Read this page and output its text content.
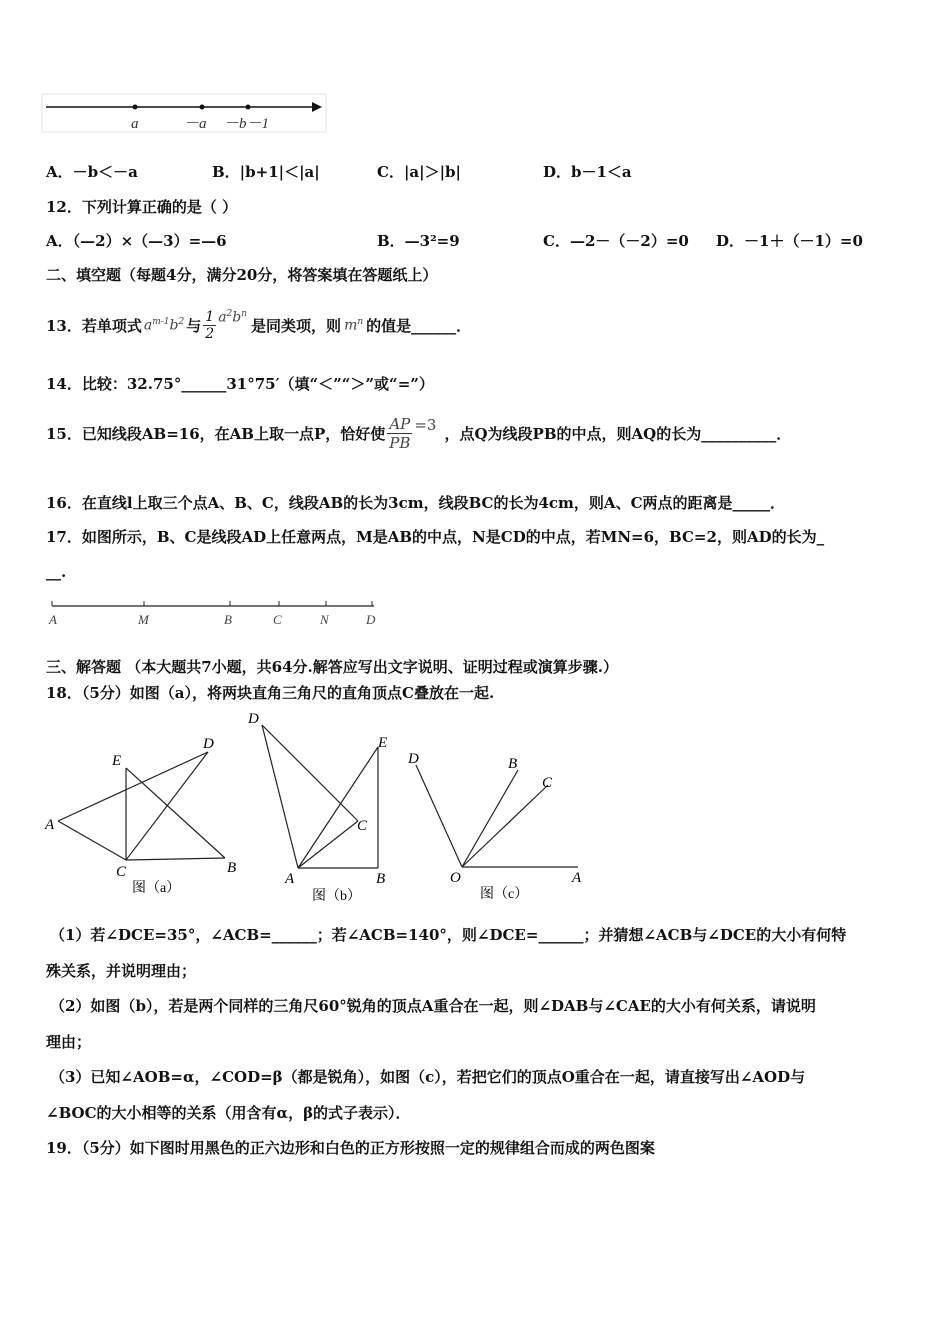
a	－a －b－1
A．－b＜－a	B．|b+1|＜|a|	C．|a|＞|b|	D．b－1＜a
12．下列计算正确的是（ ）
A．（—2）×（—3）=—6	B．—3²=9	C．—2－（－2）=0 D．－1＋（－1）=0
二、填空题（每题4分，满分20分，将答案填在答题纸上）
13．若单项式 $a^{m-1}b^2$ 与 $\frac{1}{2} a^2b^n$
是同类项，则 $m^n$ 的值是______．
14．比较：32.75°______31°75′（填“＜”“＞”或“=”）
15．已知线段AB=16，在AB上取一点P，恰好使 $\frac{AP}{PB} =3$ ，点Q为线段PB的中点，则AQ的长为__________．
16．在直线l上取三个点A、B、C，线段AB的长为3cm，线段BC的长为4cm，则A、C两点的距离是_____．
17．如图所示，B、C是线段AD上任意两点，M是AB的中点，N是CD的中点，若MN=6，BC=2，则AD的长为_
__.
A	M	B	C	N	D
三、解答题 （本大题共7小题，共64分.解答应写出文字说明、证明过程或演算步骤.）
18．（5分）如图（a），将两块直角三角尺的直角顶点C叠放在一起.
E
D
A
C	B
图（a）
D
E
C
A	B
图（b）
D	B
C
O	A
图（c）
（1）若∠DCE=35°，∠ACB=______；若∠ACB=140°，则∠DCE=______；并猜想∠ACB与∠DCE的大小有何特
殊关系，并说明理由；
（2）如图（b），若是两个同样的三角尺60°锐角的顶点A重合在一起，则∠DAB与∠CAE的大小有何关系，请说明
理由；
（3）已知∠AOB=α，∠COD=β（都是锐角），如图（c），若把它们的顶点O重合在一起，请直接写出∠AOD与
∠BOC的大小相等的关系（用含有α，β的式子表示）．
19．（5分）如下图时用黑色的正六边形和白色的正方形按照一定的规律组合而成的两色图案
